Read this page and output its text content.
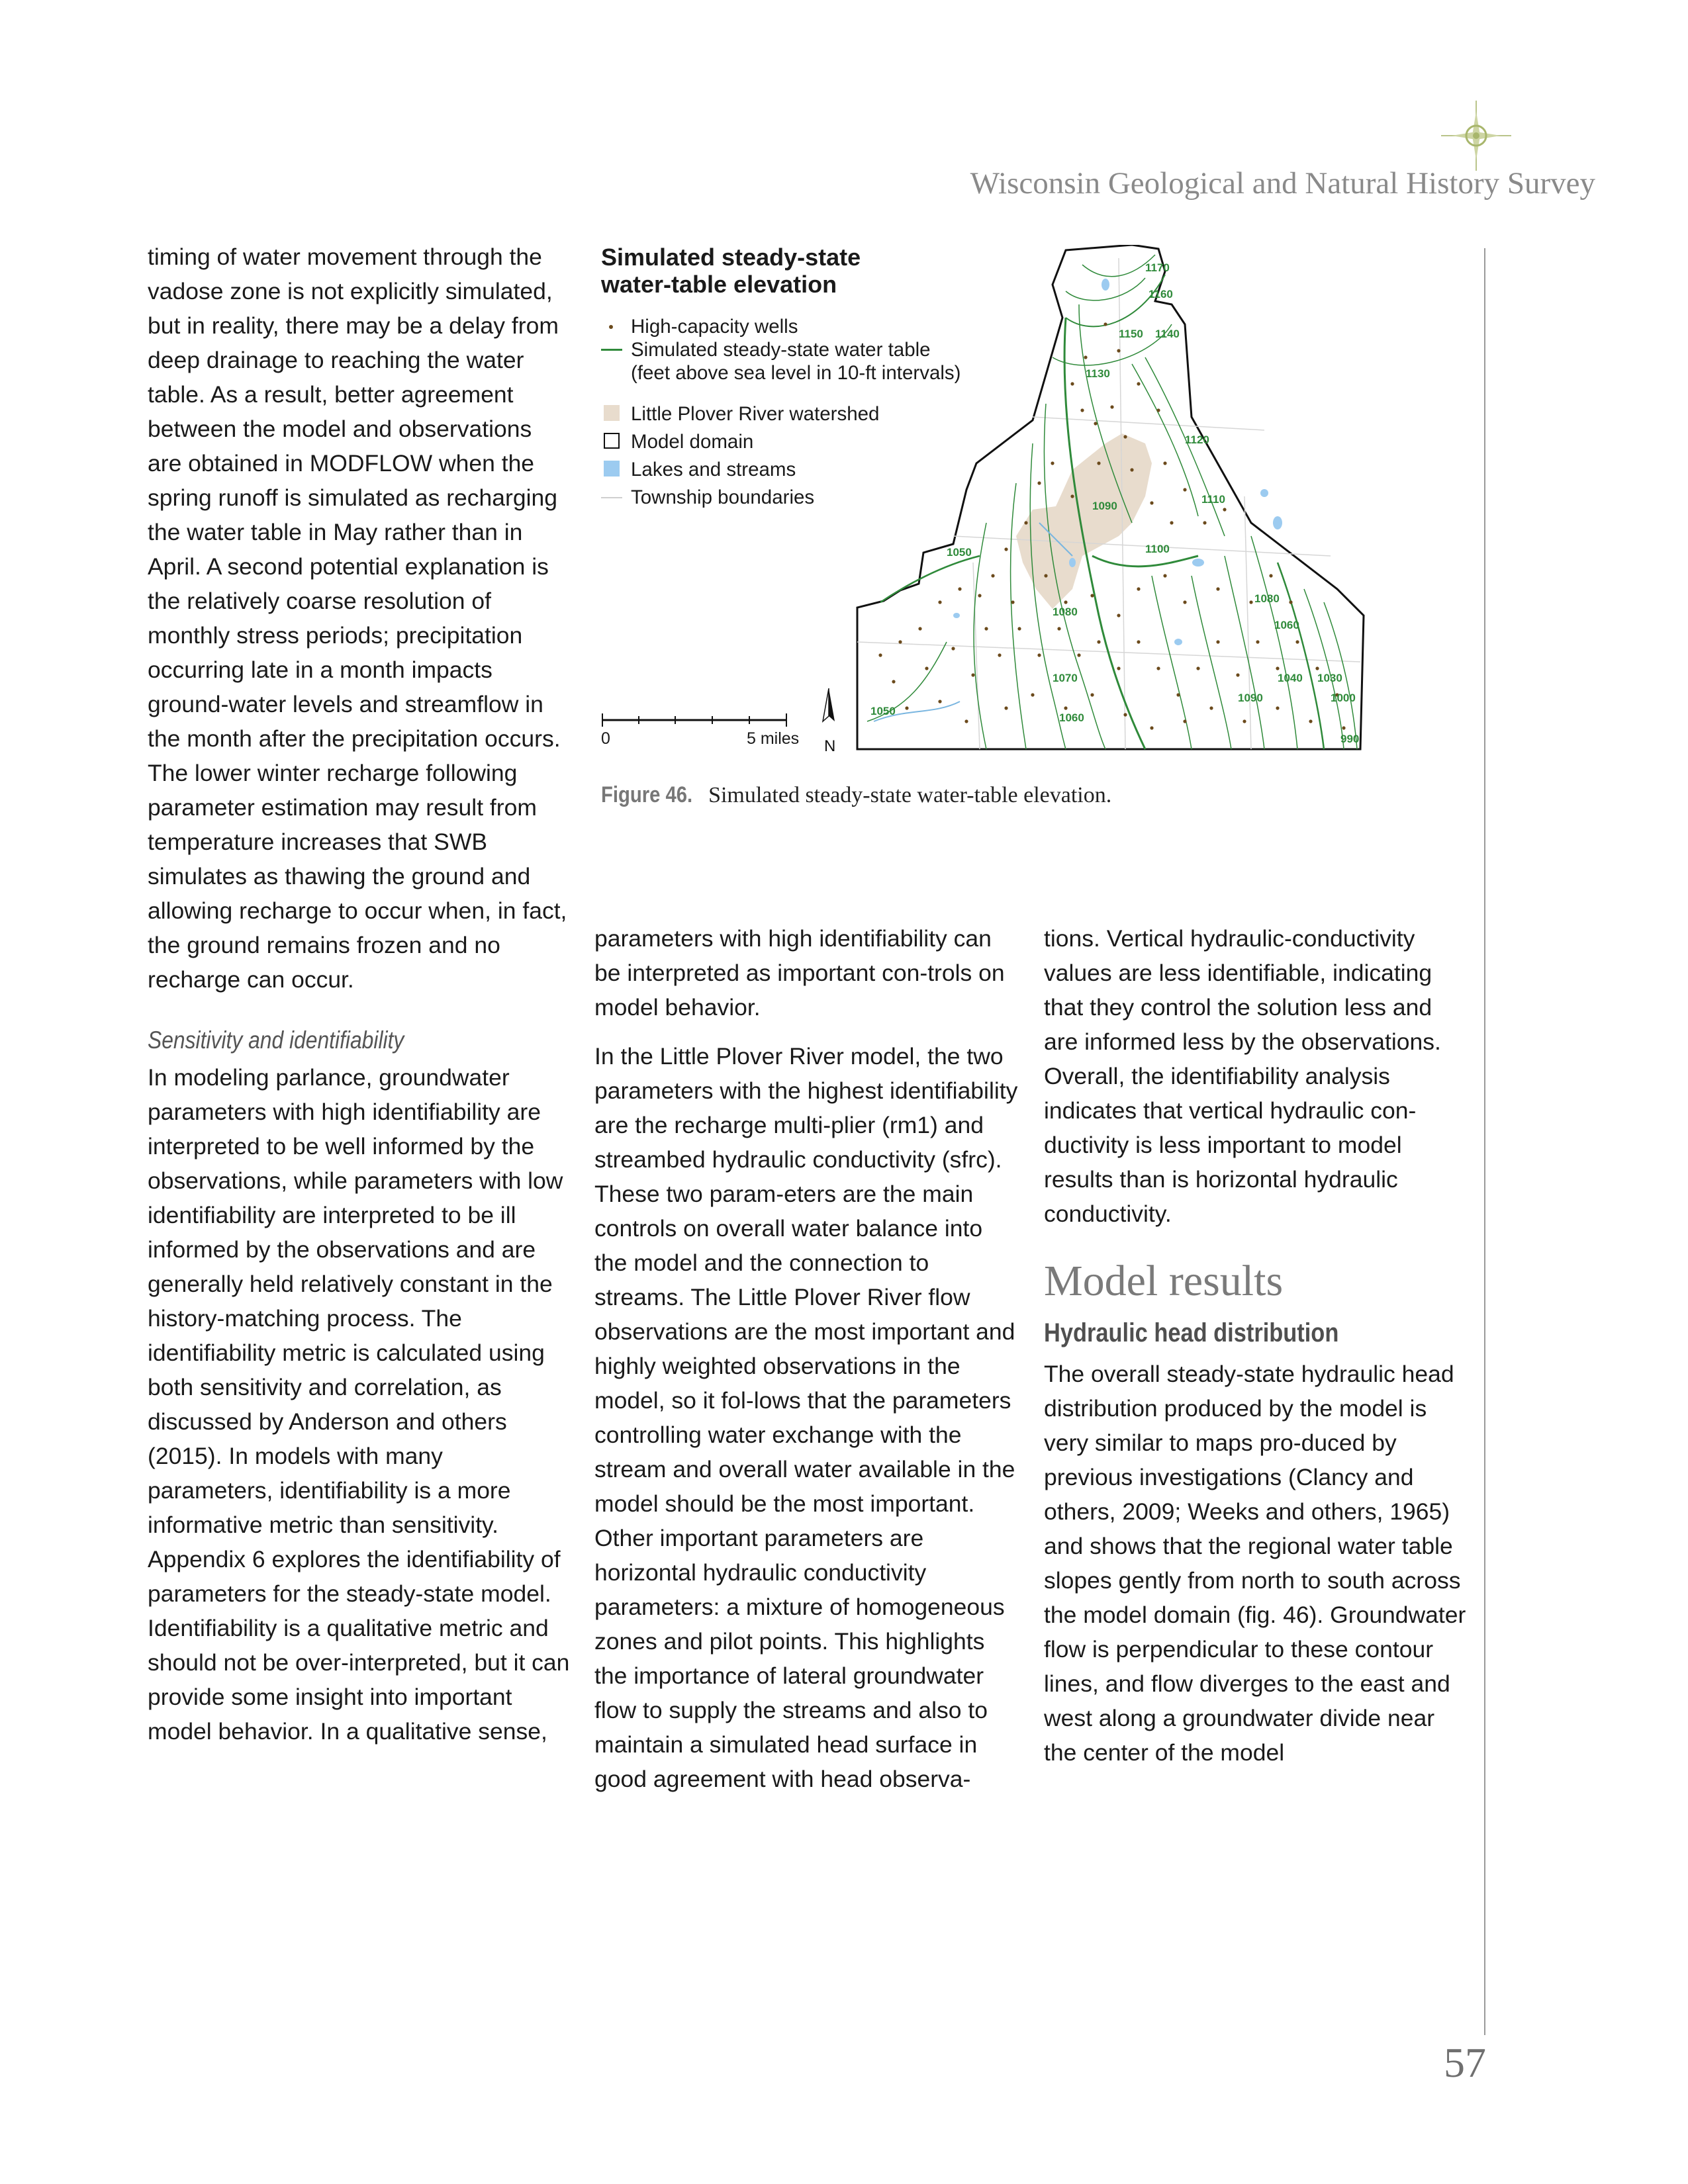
Wisconsin Geological and Natural History Survey

timing of water movement through the vadose zone is not explicitly simulated, but in reality, there may be a delay from deep drainage to reaching the water table. As a result, better agreement between the model and observations are obtained in MODFLOW when the spring runoff is simulated as recharging the water table in May rather than in April. A second potential explanation is the relatively coarse resolution of monthly stress periods; precipitation occurring late in a month impacts ground-water levels and streamflow in the month after the precipitation occurs. The lower winter recharge following parameter estimation may result from temperature increases that SWB simulates as thawing the ground and allowing recharge to occur when, in fact, the ground remains frozen and no recharge can occur.

Sensitivity and identifiability

In modeling parlance, groundwater parameters with high identifiability are interpreted to be well informed by the observations, while parameters with low identifiability are interpreted to be ill informed by the observations and are generally held relatively constant in the history-matching process. The identifiability metric is calculated using both sensitivity and correlation, as discussed by Anderson and others (2015). In models with many parameters, identifiability is a more informative metric than sensitivity. Appendix 6 explores the identifiability of parameters for the steady-state model. Identifiability is a qualitative metric and should not be over-interpreted, but it can provide some insight into important model behavior. In a qualitative sense,

Simulated steady-state
water-table elevation
High-capacity wells
Simulated steady-state water table
(feet above sea level in 10-ft intervals)
Little Plover River watershed
Model domain
Lakes and streams
Township boundaries
1170
1160
1150 1140
1130
1120
1110
1100
1090
1080
1070
1060
1050
1050
1040 1030
1000
1090
1080
1060
990
0	5 miles N
Figure 46. Simulated steady-state water-table elevation.

parameters with high identifiability can be interpreted as important con-trols on model behavior.

In the Little Plover River model, the two parameters with the highest identifiability are the recharge multi-plier (rm1) and streambed hydraulic conductivity (sfrc). These two param-eters are the main controls on overall water balance into the model and the connection to streams. The Little Plover River flow observations are the most important and highly weighted observations in the model, so it fol-lows that the parameters controlling water exchange with the stream and overall water available in the model should be the most important. Other important parameters are horizontal hydraulic conductivity parameters: a mixture of homogeneous zones and pilot points. This highlights the importance of lateral groundwater flow to supply the streams and also to maintain a simulated head surface in good agreement with head observa-

tions. Vertical hydraulic-conductivity values are less identifiable, indicating that they control the solution less and are informed less by the observations. Overall, the identifiability analysis indicates that vertical hydraulic con-ductivity is less important to model results than is horizontal hydraulic conductivity.

Model results

Hydraulic head distribution

The overall steady-state hydraulic head distribution produced by the model is very similar to maps pro-duced by previous investigations (Clancy and others, 2009; Weeks and others, 1965) and shows that the regional water table slopes gently from north to south across the model domain (fig. 46). Groundwater flow is perpendicular to these contour lines, and flow diverges to the east and west along a groundwater divide near the center of the model

57
